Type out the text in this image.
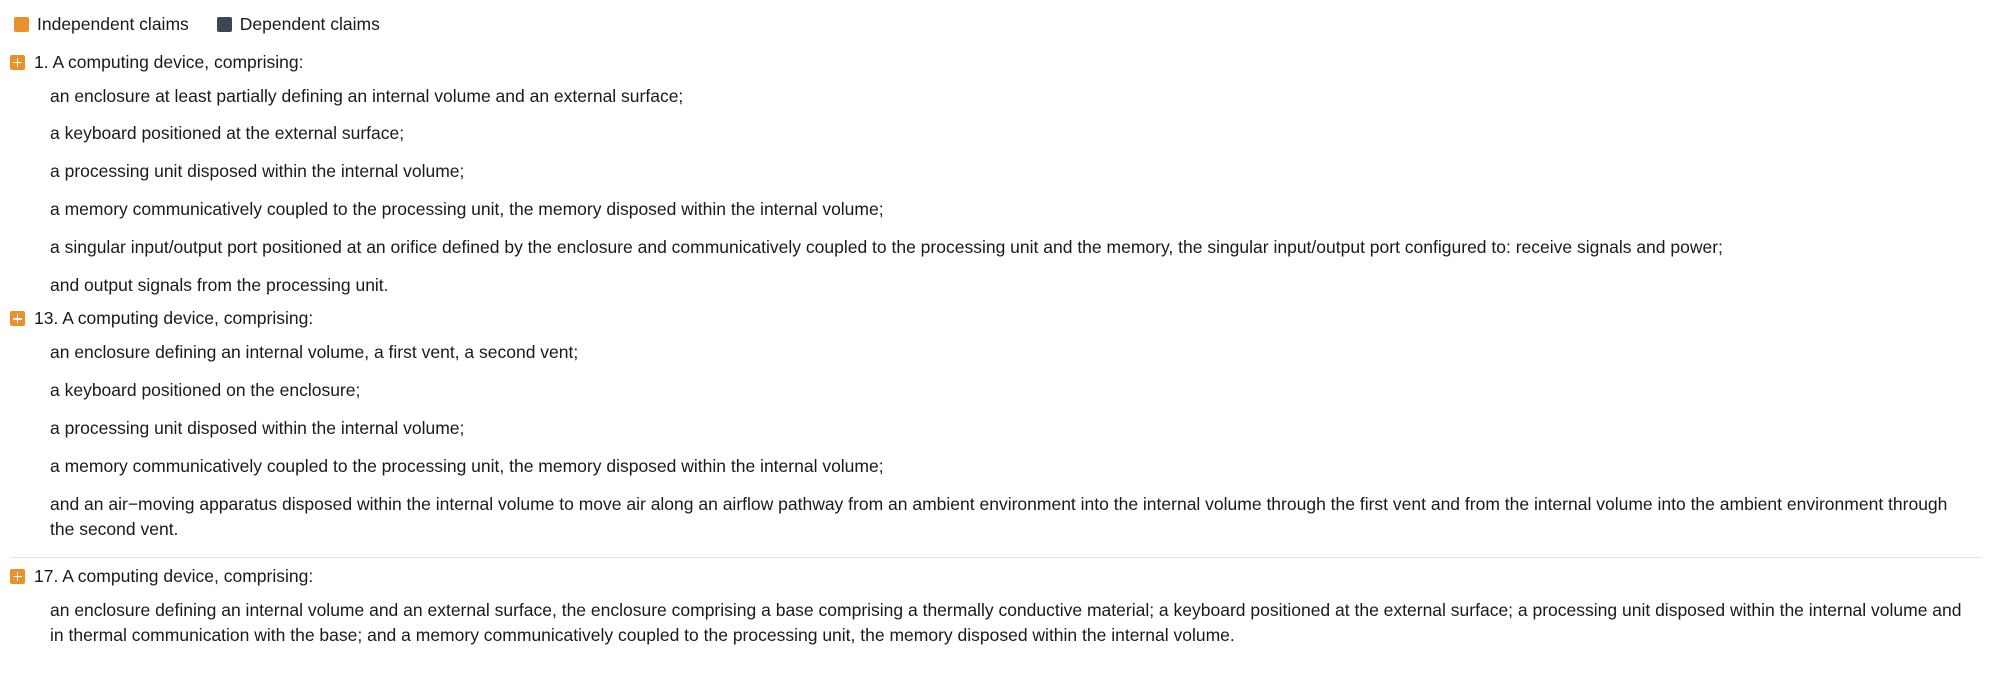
Independent claims	Dependent claims
1. A computing device, comprising:
an enclosure at least partially defining an internal volume and an external surface;
a keyboard positioned at the external surface;
a processing unit disposed within the internal volume;
a memory communicatively coupled to the processing unit, the memory disposed within the internal volume;
a singular input/output port positioned at an orifice defined by the enclosure and communicatively coupled to the processing unit and the memory, the singular input/output port configured to: receive signals and power;
and output signals from the processing unit.
13. A computing device, comprising:
an enclosure defining an internal volume, a first vent, a second vent;
a keyboard positioned on the enclosure;
a processing unit disposed within the internal volume;
a memory communicatively coupled to the processing unit, the memory disposed within the internal volume;
and an air−moving apparatus disposed within the internal volume to move air along an airflow pathway from an ambient environment into the internal volume through the first vent and from the internal volume into the ambient environment through the second vent.
17. A computing device, comprising:
an enclosure defining an internal volume and an external surface, the enclosure comprising a base comprising a thermally conductive material; a keyboard positioned at the external surface; a processing unit disposed within the internal volume and in thermal communication with the base; and a memory communicatively coupled to the processing unit, the memory disposed within the internal volume.
